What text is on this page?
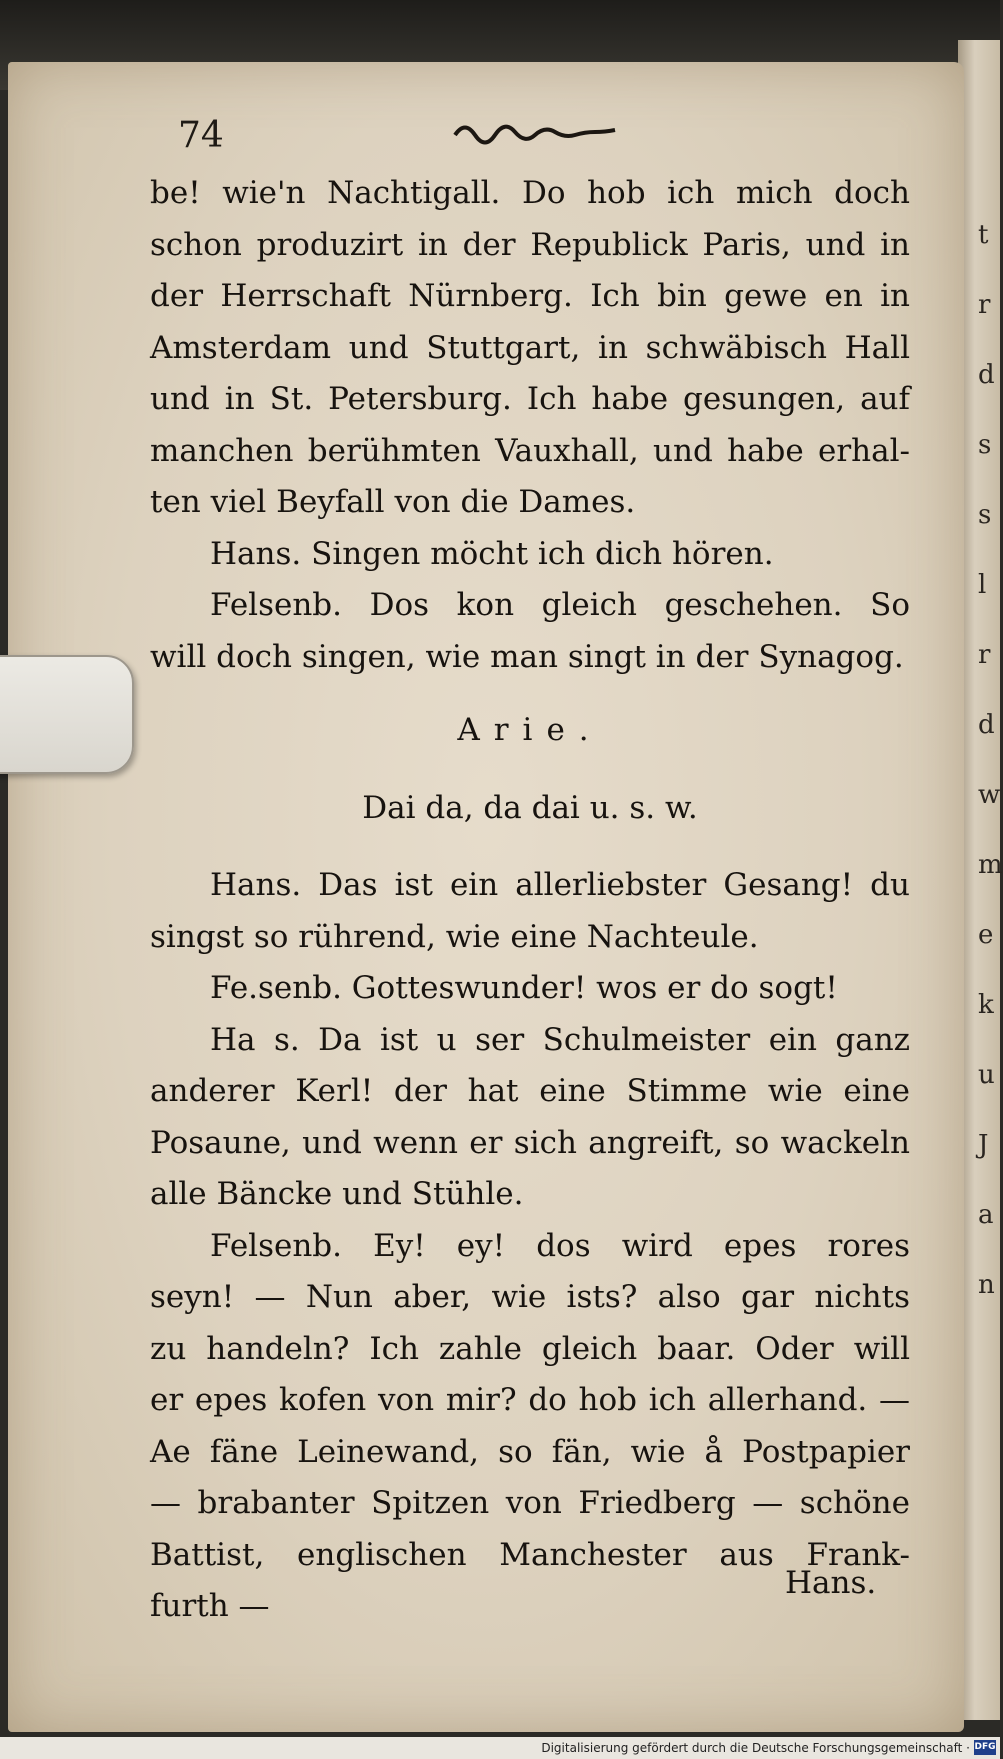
t
r
d
s
s
l
r
d
w
m
e
k
u
J
a
n
74
be! wie'n Nachtigall. Do hob ich mich doch
schon produzirt in der Republick Paris, und in
der Herrschaft Nürnberg. Ich bin gewe en in
Amsterdam und Stuttgart, in schwäbisch Hall
und in St. Petersburg. Ich habe gesungen, auf
manchen berühmten Vauxhall, und habe erhal-
ten viel Beyfall von die Dames.
Hans. Singen möcht ich dich hören.
Felsenb. Dos kon gleich geschehen. So
will doch singen, wie man singt in der Synagog.
Arie.
Dai da, da dai u. s. w.
Hans. Das ist ein allerliebster Gesang! du
singst so rührend, wie eine Nachteule.
Fe.senb. Gotteswunder! wos er do sogt!
Ha s. Da ist u ser Schulmeister ein ganz
anderer Kerl! der hat eine Stimme wie eine
Posaune, und wenn er sich angreift, so wackeln
alle Bäncke und Stühle.
Felsenb. Ey! ey! dos wird epes rores
seyn! — Nun aber, wie ists? also gar nichts
zu handeln? Ich zahle gleich baar. Oder will
er epes kofen von mir? do hob ich allerhand. —
Ae fäne Leinewand, so fän, wie å Postpapier
— brabanter Spitzen von Friedberg — schöne
Battist, englischen Manchester aus Frank-
furth —
Hans.
Digitalisierung gefördert durch die Deutsche Forschungsgemeinschaft · DFG
